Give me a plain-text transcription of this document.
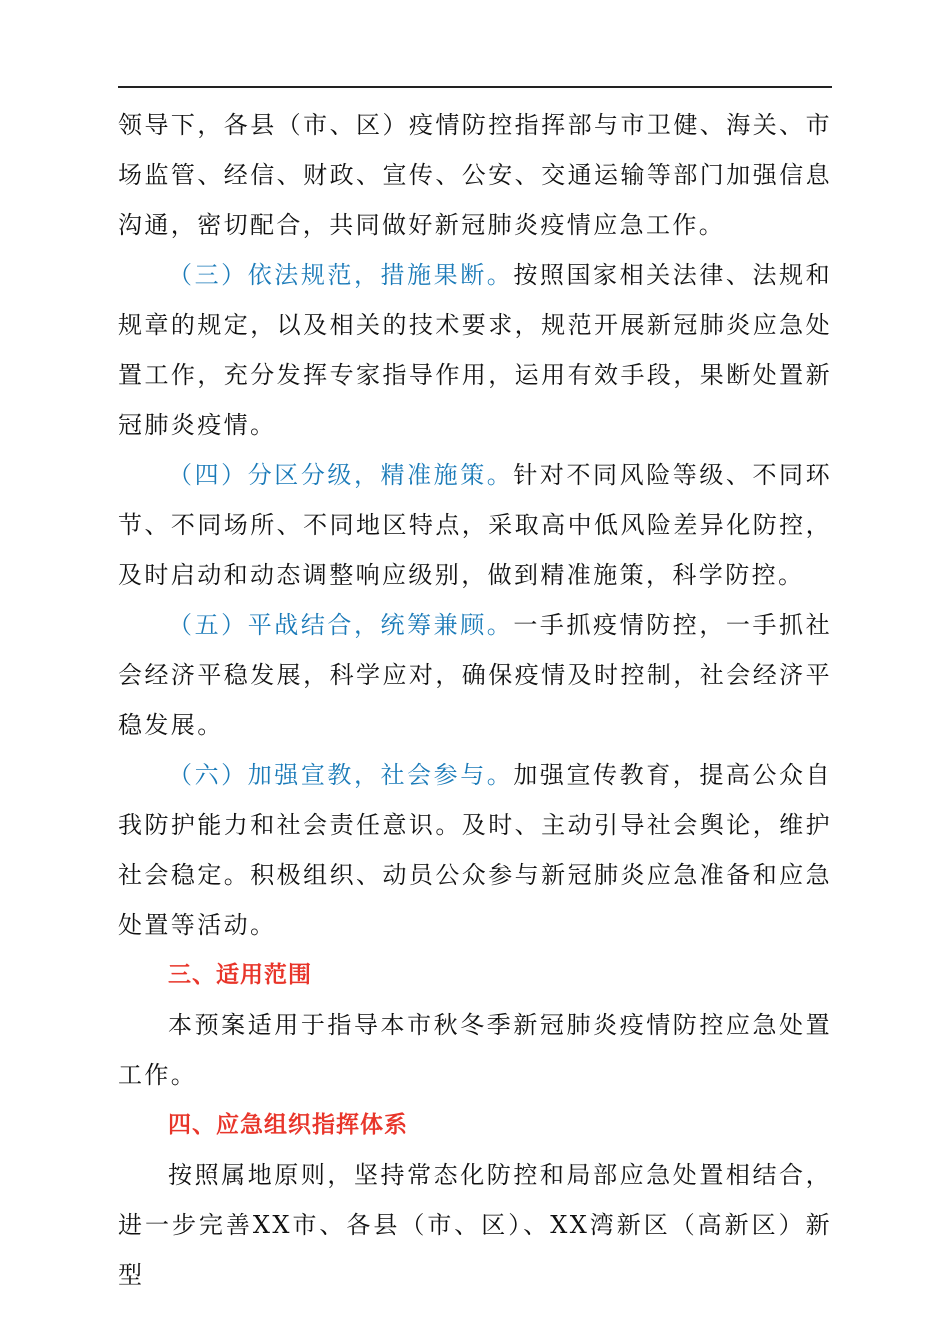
领导下，各县（市、区）疫情防控指挥部与市卫健、海关、市场监管、经信、财政、宣传、公安、交通运输等部门加强信息沟通，密切配合，共同做好新冠肺炎疫情应急工作。

（三）依法规范，措施果断。按照国家相关法律、法规和规章的规定，以及相关的技术要求，规范开展新冠肺炎应急处置工作，充分发挥专家指导作用，运用有效手段，果断处置新冠肺炎疫情。

（四）分区分级，精准施策。针对不同风险等级、不同环节、不同场所、不同地区特点，采取高中低风险差异化防控，及时启动和动态调整响应级别，做到精准施策，科学防控。

（五）平战结合，统筹兼顾。一手抓疫情防控，一手抓社会经济平稳发展，科学应对，确保疫情及时控制，社会经济平稳发展。

（六）加强宣教，社会参与。加强宣传教育，提高公众自我防护能力和社会责任意识。及时、主动引导社会舆论，维护社会稳定。积极组织、动员公众参与新冠肺炎应急准备和应急处置等活动。

三、适用范围

本预案适用于指导本市秋冬季新冠肺炎疫情防控应急处置工作。

四、应急组织指挥体系

按照属地原则，坚持常态化防控和局部应急处置相结合，进一步完善XX市、各县（市、区）、XX湾新区（高新区）新型
